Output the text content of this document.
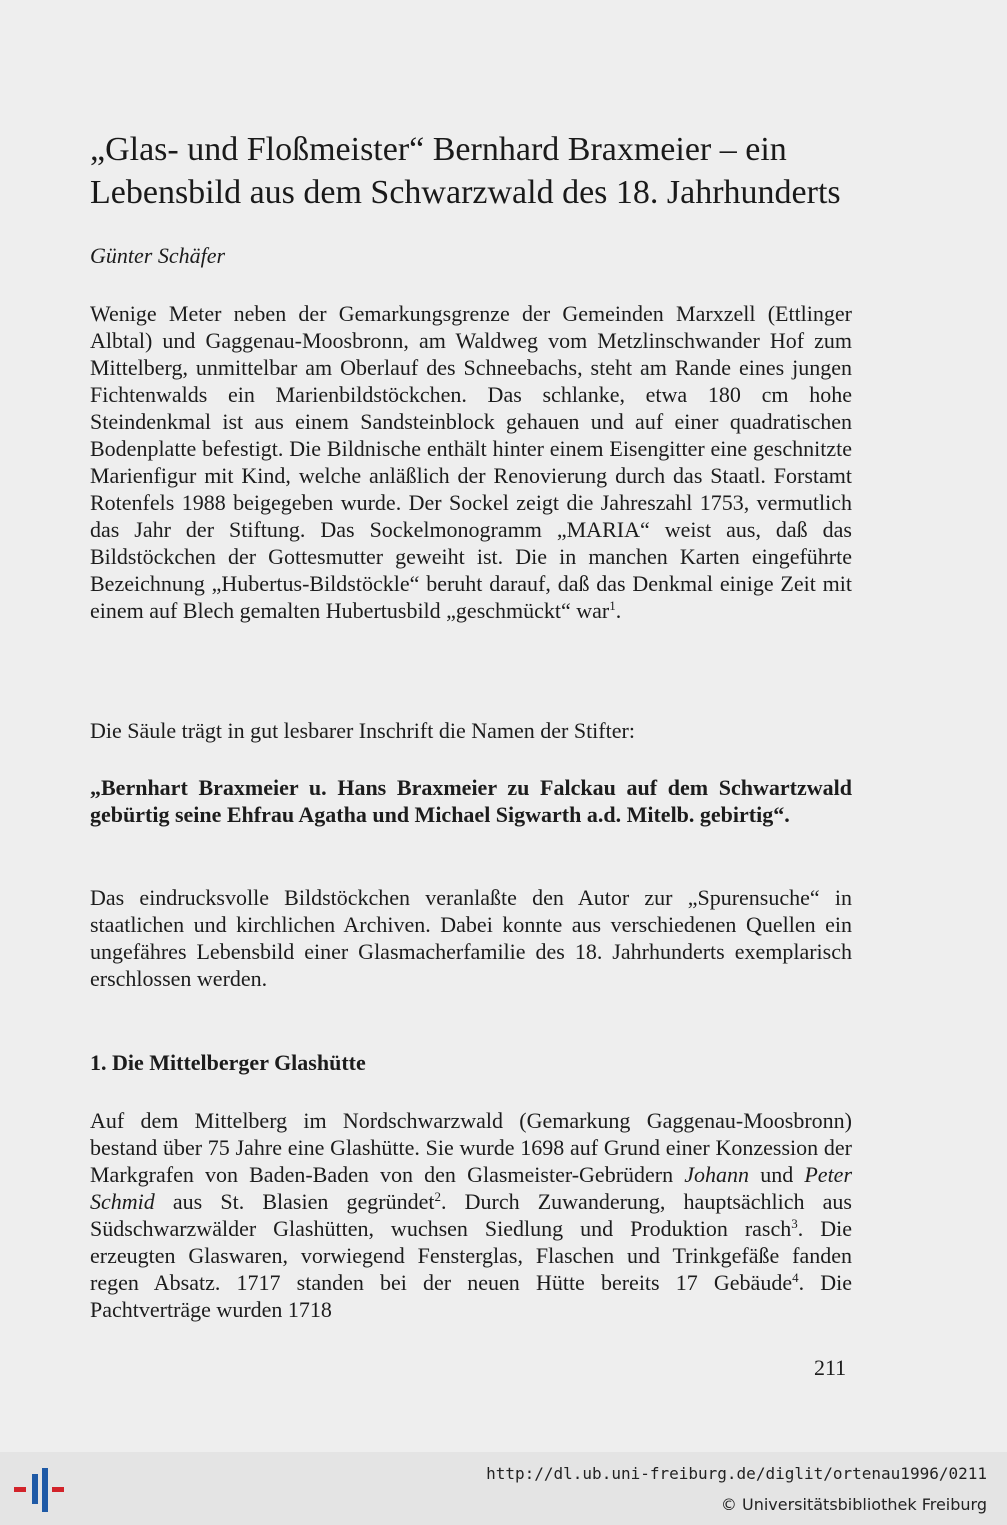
„Glas- und Floßmeister“ Bernhard Braxmeier – ein
Lebensbild aus dem Schwarzwald des 18. Jahrhunderts

Günter Schäfer

Wenige Meter neben der Gemarkungsgrenze der Gemeinden Marxzell (Ettlinger Albtal) und Gaggenau-Moosbronn, am Waldweg vom Metzlinschwander Hof zum Mittelberg, unmittelbar am Oberlauf des Schneebachs, steht am Rande eines jungen Fichtenwalds ein Marienbildstöckchen. Das schlanke, etwa 180 cm hohe Steindenkmal ist aus einem Sandsteinblock gehauen und auf einer quadratischen Bodenplatte befestigt. Die Bildnische enthält hinter einem Eisengitter eine geschnitzte Marienfigur mit Kind, welche anläßlich der Renovierung durch das Staatl. Forstamt Rotenfels 1988 beigegeben wurde. Der Sockel zeigt die Jahreszahl 1753, vermutlich das Jahr der Stiftung. Das Sockelmonogramm „MARIA“ weist aus, daß das Bildstöckchen der Gottesmutter geweiht ist. Die in manchen Karten eingeführte Bezeichnung „Hubertus-Bildstöckle“ beruht darauf, daß das Denkmal einige Zeit mit einem auf Blech gemalten Hubertusbild „geschmückt“ war$^1$.

Die Säule trägt in gut lesbarer Inschrift die Namen der Stifter:

„Bernhart Braxmeier u. Hans Braxmeier zu Falckau auf dem Schwartzwald gebürtig seine Ehfrau Agatha und Michael Sigwarth a.d. Mitelb. gebirtig“.

Das eindrucksvolle Bildstöckchen veranlaßte den Autor zur „Spurensuche“ in staatlichen und kirchlichen Archiven. Dabei konnte aus verschiedenen Quellen ein ungefähres Lebensbild einer Glasmacherfamilie des 18. Jahrhunderts exemplarisch erschlossen werden.

1. Die Mittelberger Glashütte

Auf dem Mittelberg im Nordschwarzwald (Gemarkung Gaggenau-Moosbronn) bestand über 75 Jahre eine Glashütte. Sie wurde 1698 auf Grund einer Konzession der Markgrafen von Baden-Baden von den Glasmeister-Gebrüdern Johann und Peter Schmid aus St. Blasien gegründet$^2$. Durch Zuwanderung, hauptsächlich aus Südschwarzwälder Glashütten, wuchsen Siedlung und Produktion rasch$^3$. Die erzeugten Glaswaren, vorwiegend Fensterglas, Flaschen und Trinkgefäße fanden regen Absatz. 1717 standen bei der neuen Hütte bereits 17 Gebäude$^4$. Die Pachtverträge wurden 1718

211

http://dl.ub.uni-freiburg.de/diglit/ortenau1996/0211
© Universitätsbibliothek Freiburg
